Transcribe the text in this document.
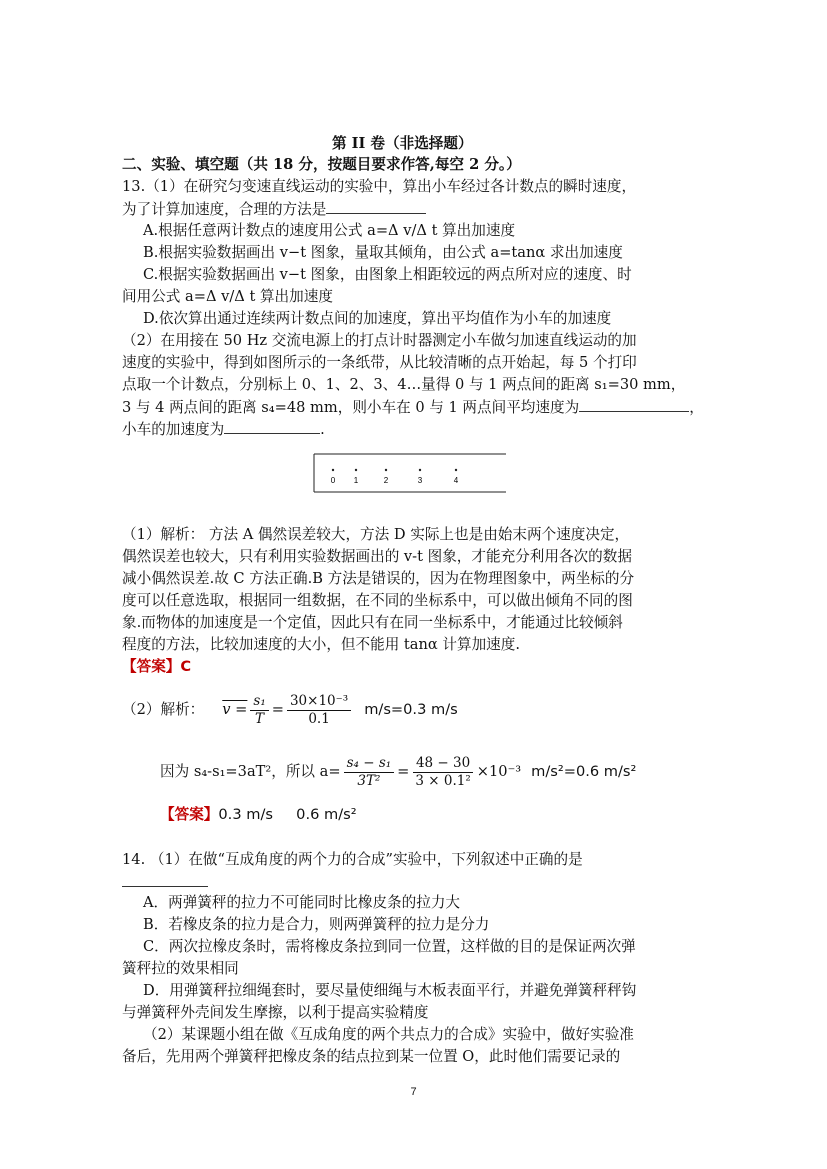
第 II 卷（非选择题）
二、实验、填空题（共 18 分，按题目要求作答,每空 2 分。）
13.（1）在研究匀变速直线运动的实验中，算出小车经过各计数点的瞬时速度，
为了计算加速度，合理的方法是
A.根据任意两计数点的速度用公式 a=Δ v/Δ t 算出加速度
B.根据实验数据画出 v−t 图象，量取其倾角，由公式 a=tanα 求出加速度
C.根据实验数据画出 v−t 图象，由图象上相距较远的两点所对应的速度、时
间用公式 a=Δ v/Δ t 算出加速度
D.依次算出通过连续两计数点间的加速度，算出平均值作为小车的加速度
（2）在用接在 50 Hz 交流电源上的打点计时器测定小车做匀加速直线运动的加
速度的实验中，得到如图所示的一条纸带，从比较清晰的点开始起，每 5 个打印
点取一个计数点，分别标上 0、1、2、3、4…量得 0 与 1 两点间的距离 s₁=30 mm，
3 与 4 两点间的距离 s₄=48 mm，则小车在 0 与 1 两点间平均速度为	，
小车的加速度为	.
0 1	2	3	4
（1）解析： 方法 A 偶然误差较大，方法 D 实际上也是由始末两个速度决定，
偶然误差也较大，只有利用实验数据画出的 v-t 图象，才能充分利用各次的数据
减小偶然误差.故 C 方法正确.B 方法是错误的，因为在物理图象中，两坐标的分
度可以任意选取，根据同一组数据，在不同的坐标系中，可以做出倾角不同的图
象.而物体的加速度是一个定值，因此只有在同一坐标系中，才能通过比较倾斜
程度的方法，比较加速度的大小，但不能用 tanα 计算加速度.
【答案】C
（2）解析： $v = \frac{\text{s₁}}{T} = \frac{\text{30×10⁻³}}{0.1} m/s=0.3$ m/s
因为 s₄-s₁=3aT²，所以 $a= \frac{\text{s₄ − s₁}}{\text{3T²}} = \frac{48 - 30}{\text{3 × 0.1²}} \times 10^{-3}$ m/s²=0.6 m/s²
【答案】0.3 m/s     0.6 m/s²
14. （1）在做“互成角度的两个力的合成”实验中，下列叙述中正确的是
A．两弹簧秤的拉力不可能同时比橡皮条的拉力大
B．若橡皮条的拉力是合力，则两弹簧秤的拉力是分力
C．两次拉橡皮条时，需将橡皮条拉到同一位置，这样做的目的是保证两次弹
簧秤拉的效果相同
D．用弹簧秤拉细绳套时，要尽量使细绳与木板表面平行，并避免弹簧秤秤钩
与弹簧秤外壳间发生摩擦，以利于提高实验精度
（2）某课题小组在做《互成角度的两个共点力的合成》实验中，做好实验准
备后，先用两个弹簧秤把橡皮条的结点拉到某一位置 O，此时他们需要记录的
7
